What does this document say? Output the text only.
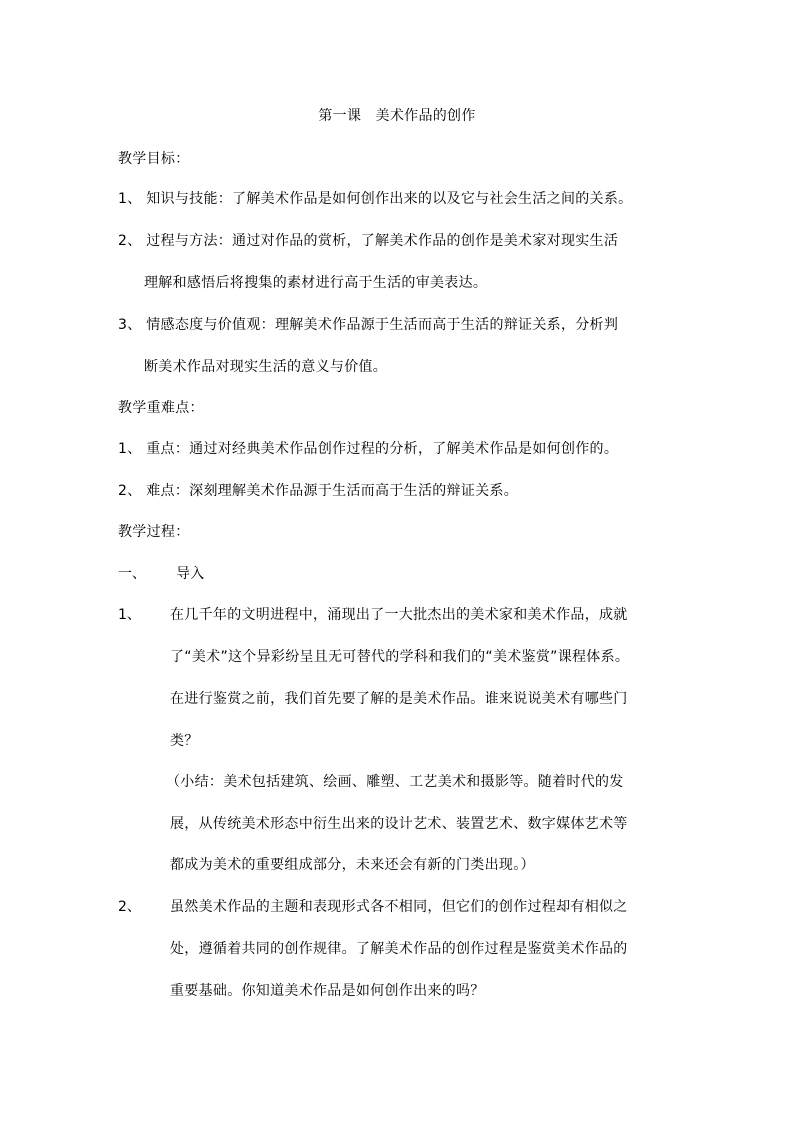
第一课　美术作品的创作
教学目标：
1、 知识与技能：了解美术作品是如何创作出来的以及它与社会生活之间的关系。
2、 过程与方法：通过对作品的赏析，了解美术作品的创作是美术家对现实生活
理解和感悟后将搜集的素材进行高于生活的审美表达。
3、 情感态度与价值观：理解美术作品源于生活而高于生活的辩证关系，分析判
断美术作品对现实生活的意义与价值。
教学重难点：
1、 重点：通过对经典美术作品创作过程的分析，了解美术作品是如何创作的。
2、 难点：深刻理解美术作品源于生活而高于生活的辩证关系。
教学过程：
一、 导入
1、 在几千年的文明进程中，涌现出了一大批杰出的美术家和美术作品，成就
了“美术”这个异彩纷呈且无可替代的学科和我们的“美术鉴赏”课程体系。
在进行鉴赏之前，我们首先要了解的是美术作品。谁来说说美术有哪些门
类？
（小结：美术包括建筑、绘画、雕塑、工艺美术和摄影等。随着时代的发
展，从传统美术形态中衍生出来的设计艺术、装置艺术、数字媒体艺术等
都成为美术的重要组成部分，未来还会有新的门类出现。）
2、 虽然美术作品的主题和表现形式各不相同，但它们的创作过程却有相似之
处，遵循着共同的创作规律。了解美术作品的创作过程是鉴赏美术作品的
重要基础。你知道美术作品是如何创作出来的吗？
